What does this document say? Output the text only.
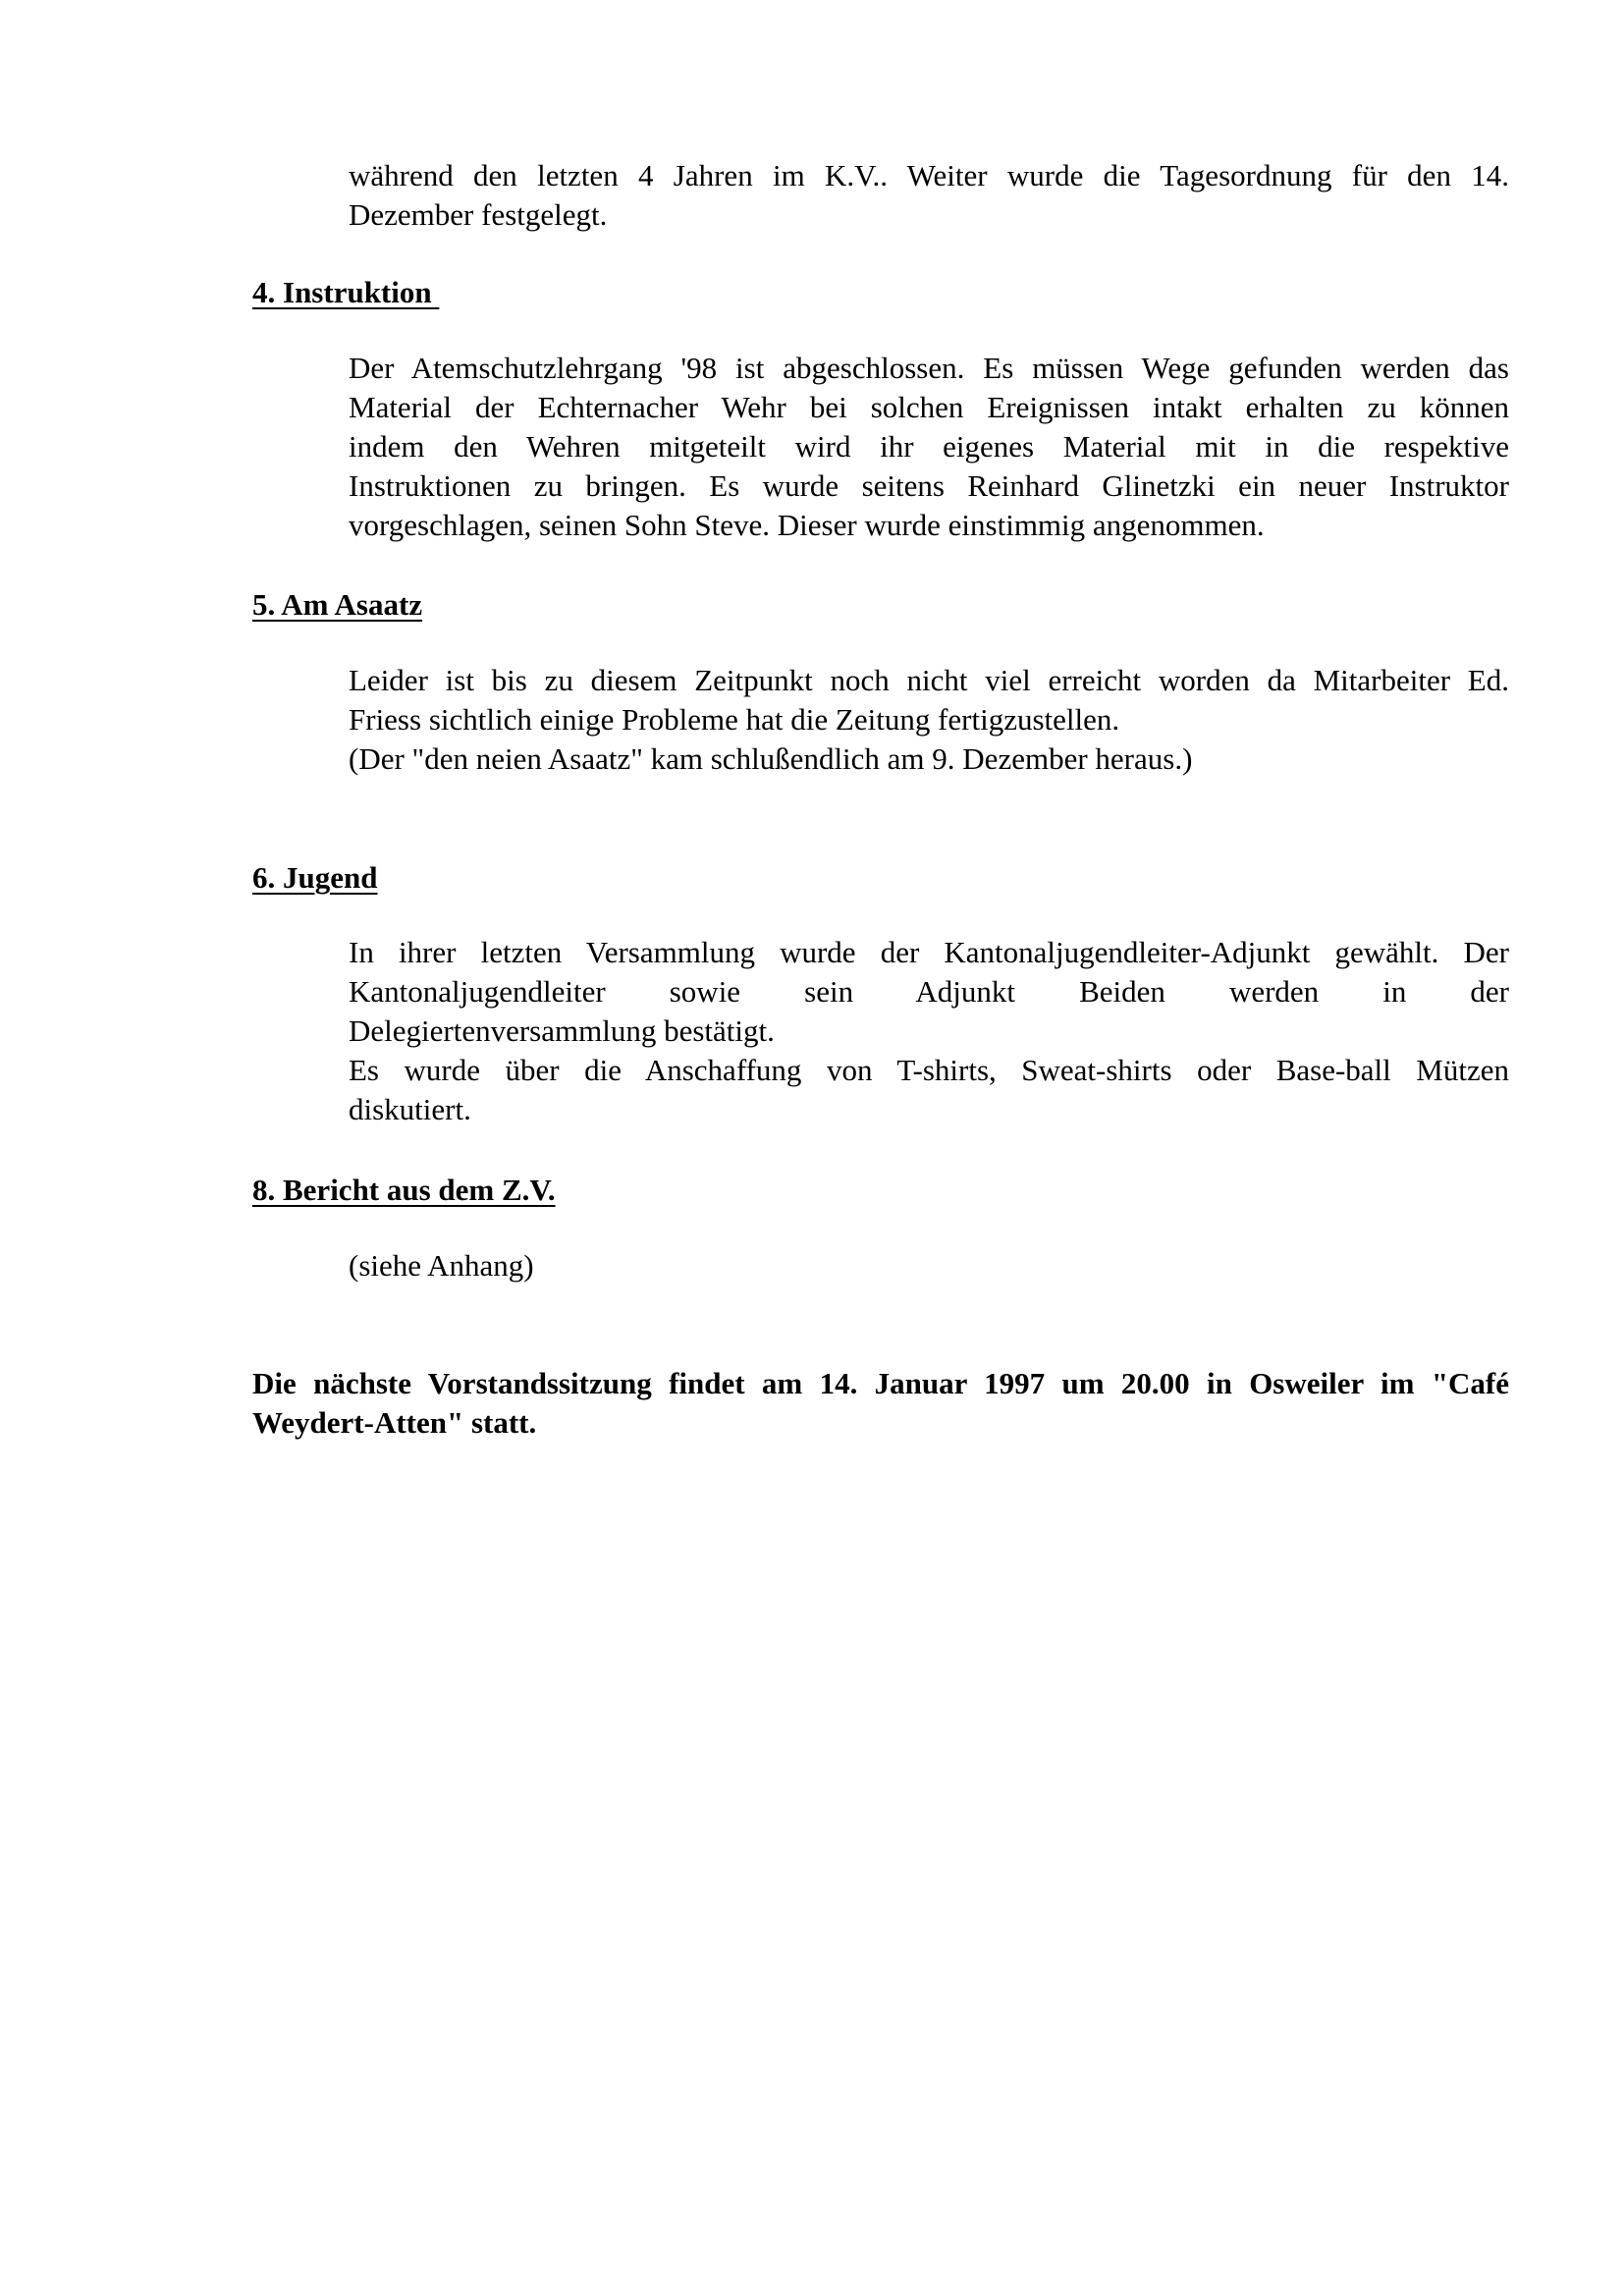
während den letzten 4 Jahren im K.V.. Weiter wurde die Tagesordnung für den 14.
Dezember festgelegt.
4. Instruktion
Der Atemschutzlehrgang '98 ist abgeschlossen. Es müssen Wege gefunden werden das
Material der Echternacher Wehr bei solchen Ereignissen intakt erhalten zu können
indem den Wehren mitgeteilt wird ihr eigenes Material mit in die respektive
Instruktionen zu bringen. Es wurde seitens Reinhard Glinetzki ein neuer Instruktor
vorgeschlagen, seinen Sohn Steve. Dieser wurde einstimmig angenommen.
5. Am Asaatz
Leider ist bis zu diesem Zeitpunkt noch nicht viel erreicht worden da Mitarbeiter Ed.
Friess sichtlich einige Probleme hat die Zeitung fertigzustellen.
(Der "den neien Asaatz" kam schlußendlich am 9. Dezember heraus.)
6. Jugend
In ihrer letzten Versammlung wurde der Kantonaljugendleiter-Adjunkt gewählt. Der
Kantonaljugendleiter sowie sein Adjunkt Beiden werden in der
Delegiertenversammlung bestätigt.
Es wurde über die Anschaffung von T-shirts, Sweat-shirts oder Base-ball Mützen
diskutiert.
8. Bericht aus dem Z.V.
(siehe Anhang)
Die nächste Vorstandssitzung findet am 14. Januar 1997 um 20.00 in Osweiler im "Café
Weydert-Atten" statt.
